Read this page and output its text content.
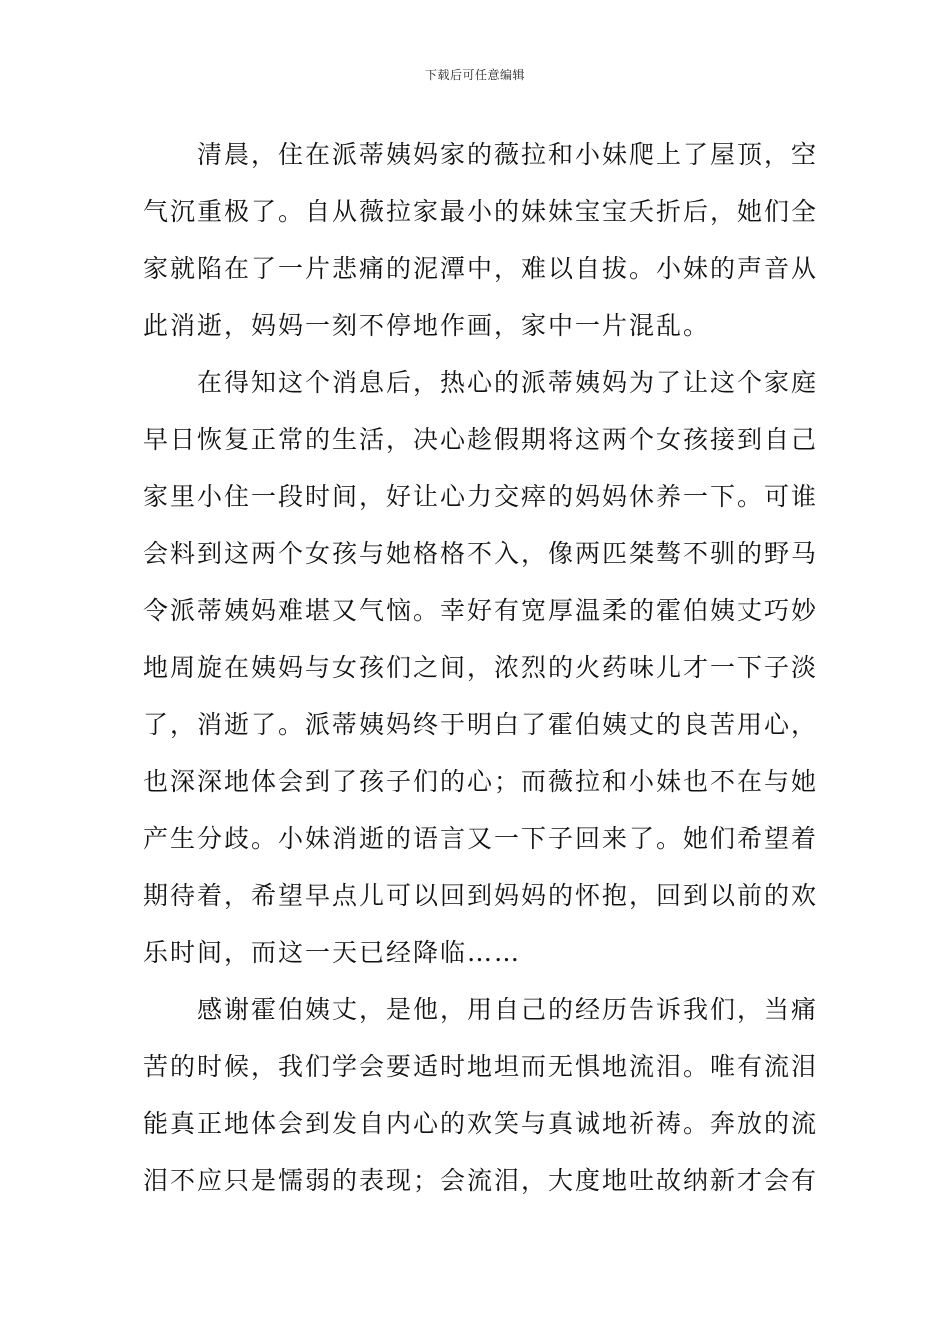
下载后可任意编辑

清晨，住在派蒂姨妈家的薇拉和小妹爬上了屋顶，空
气沉重极了。自从薇拉家最小的妹妹宝宝夭折后，她们全
家就陷在了一片悲痛的泥潭中，难以自拔。小妹的声音从
此消逝，妈妈一刻不停地作画，家中一片混乱。

在得知这个消息后，热心的派蒂姨妈为了让这个家庭
早日恢复正常的生活，决心趁假期将这两个女孩接到自己
家里小住一段时间，好让心力交瘁的妈妈休养一下。可谁
会料到这两个女孩与她格格不入，像两匹桀骜不驯的野马
令派蒂姨妈难堪又气恼。幸好有宽厚温柔的霍伯姨丈巧妙
地周旋在姨妈与女孩们之间，浓烈的火药味儿才一下子淡
了，消逝了。派蒂姨妈终于明白了霍伯姨丈的良苦用心，
也深深地体会到了孩子们的心；而薇拉和小妹也不在与她
产生分歧。小妹消逝的语言又一下子回来了。她们希望着
期待着，希望早点儿可以回到妈妈的怀抱，回到以前的欢
乐时间，而这一天已经降临……

感谢霍伯姨丈，是他，用自己的经历告诉我们，当痛
苦的时候，我们学会要适时地坦而无惧地流泪。唯有流泪
能真正地体会到发自内心的欢笑与真诚地祈祷。奔放的流
泪不应只是懦弱的表现；会流泪，大度地吐故纳新才会有
